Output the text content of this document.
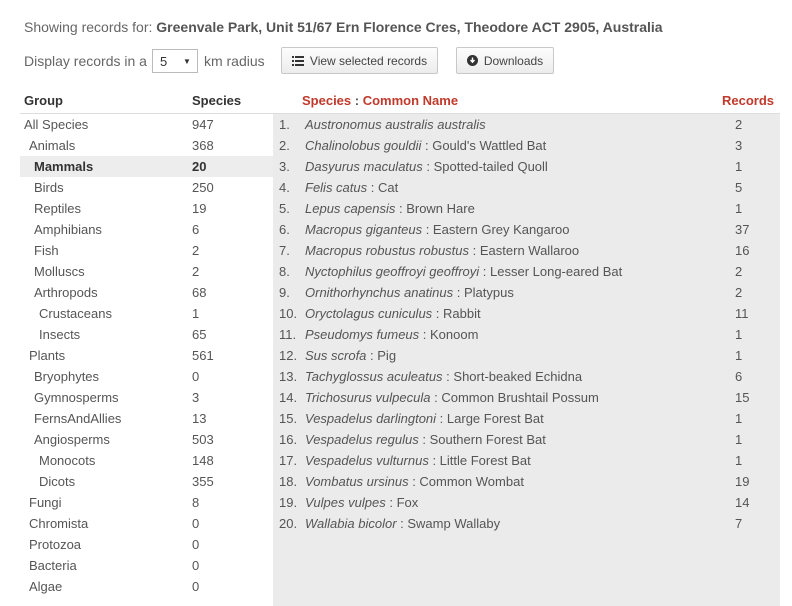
Showing records for: Greenvale Park, Unit 51/67 Ern Florence Cres, Theodore ACT 2905, Australia
Display records in a 5 ▼ km radius	View selected records	Downloads
Group	Species
All Species	947
Animals	368
Mammals	20
Birds	250
Reptiles	19
Amphibians	6
Fish	2
Molluscs	2
Arthropods	68
Crustaceans	1
Insects	65
Plants	561
Bryophytes	0
Gymnosperms	3
FernsAndAllies	13
Angiosperms	503
Monocots	148
Dicots	355
Fungi	8
Chromista	0
Protozoa	0
Bacteria	0
Algae	0
Species : Common Name	Records
1.	Austronomus australis australis	2
2.	Chalinolobus gouldii : Gould's Wattled Bat	3
3.	Dasyurus maculatus : Spotted-tailed Quoll	1
4.	Felis catus : Cat	5
5.	Lepus capensis : Brown Hare	1
6.	Macropus giganteus : Eastern Grey Kangaroo	37
7.	Macropus robustus robustus : Eastern Wallaroo	16
8.	Nyctophilus geoffroyi geoffroyi : Lesser Long-eared Bat	2
9.	Ornithorhynchus anatinus : Platypus	2
10. Oryctolagus cuniculus : Rabbit	11
11. Pseudomys fumeus : Konoom	1
12. Sus scrofa : Pig	1
13. Tachyglossus aculeatus : Short-beaked Echidna	6
14. Trichosurus vulpecula : Common Brushtail Possum	15
15. Vespadelus darlingtoni : Large Forest Bat	1
16. Vespadelus regulus : Southern Forest Bat	1
17. Vespadelus vulturnus : Little Forest Bat	1
18. Vombatus ursinus : Common Wombat	19
19. Vulpes vulpes : Fox	14
20. Wallabia bicolor : Swamp Wallaby	7
